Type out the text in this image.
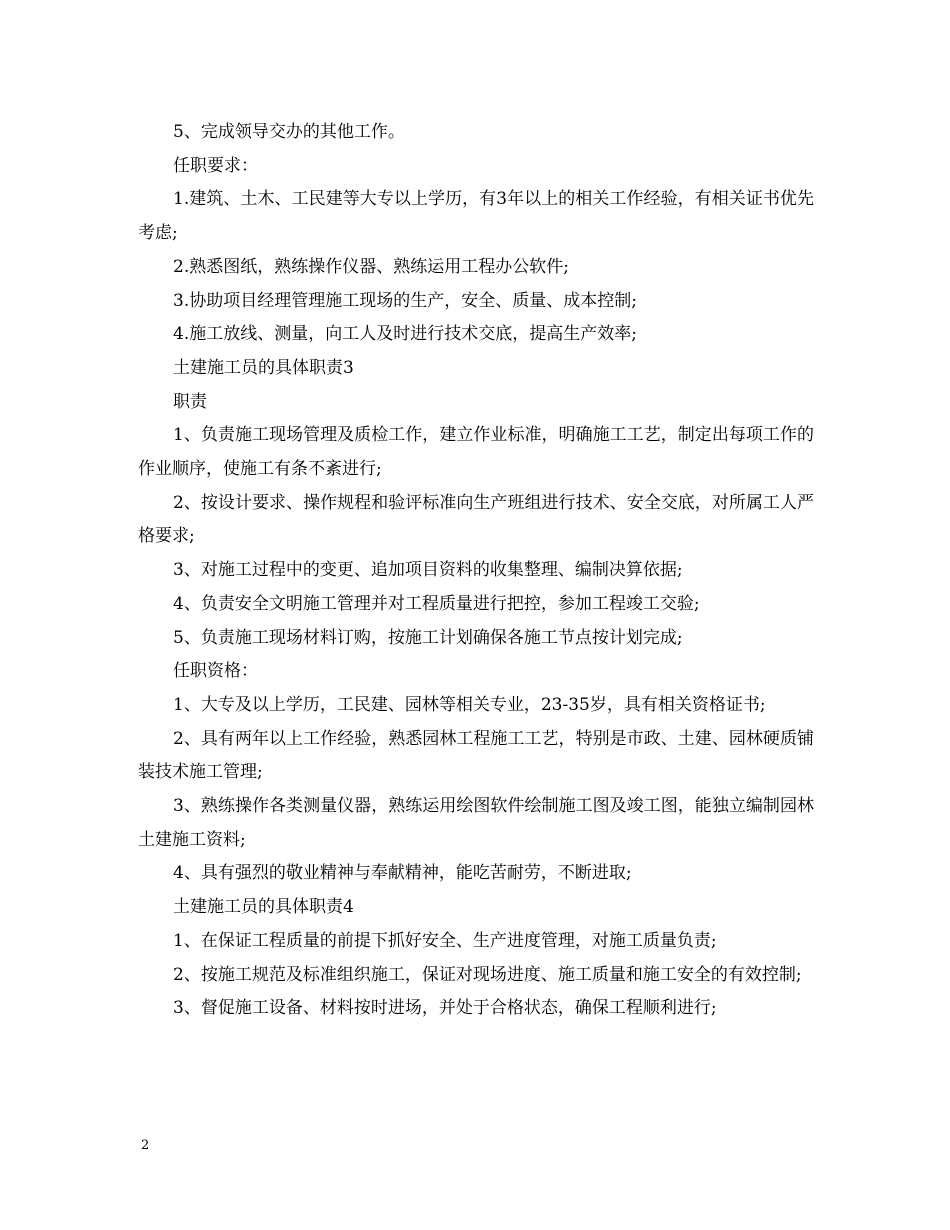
5、完成领导交办的其他工作。

任职要求：

1.建筑、土木、工民建等大专以上学历，有3年以上的相关工作经验，有相关证书优先考虑;

2.熟悉图纸，熟练操作仪器、熟练运用工程办公软件;

3.协助项目经理管理施工现场的生产，安全、质量、成本控制;

4.施工放线、测量，向工人及时进行技术交底，提高生产效率;

土建施工员的具体职责3

职责

1、负责施工现场管理及质检工作，建立作业标准，明确施工工艺，制定出每项工作的作业顺序，使施工有条不紊进行;

2、按设计要求、操作规程和验评标准向生产班组进行技术、安全交底，对所属工人严格要求;

3、对施工过程中的变更、追加项目资料的收集整理、编制决算依据;

4、负责安全文明施工管理并对工程质量进行把控，参加工程竣工交验;

5、负责施工现场材料订购，按施工计划确保各施工节点按计划完成;

任职资格：

1、大专及以上学历，工民建、园林等相关专业，23-35岁，具有相关资格证书;

2、具有两年以上工作经验，熟悉园林工程施工工艺，特别是市政、土建、园林硬质铺装技术施工管理;

3、熟练操作各类测量仪器，熟练运用绘图软件绘制施工图及竣工图，能独立编制园林土建施工资料;

4、具有强烈的敬业精神与奉献精神，能吃苦耐劳，不断进取;

土建施工员的具体职责4

1、在保证工程质量的前提下抓好安全、生产进度管理，对施工质量负责;

2、按施工规范及标准组织施工，保证对现场进度、施工质量和施工安全的有效控制;

3、督促施工设备、材料按时进场，并处于合格状态，确保工程顺利进行;

2
